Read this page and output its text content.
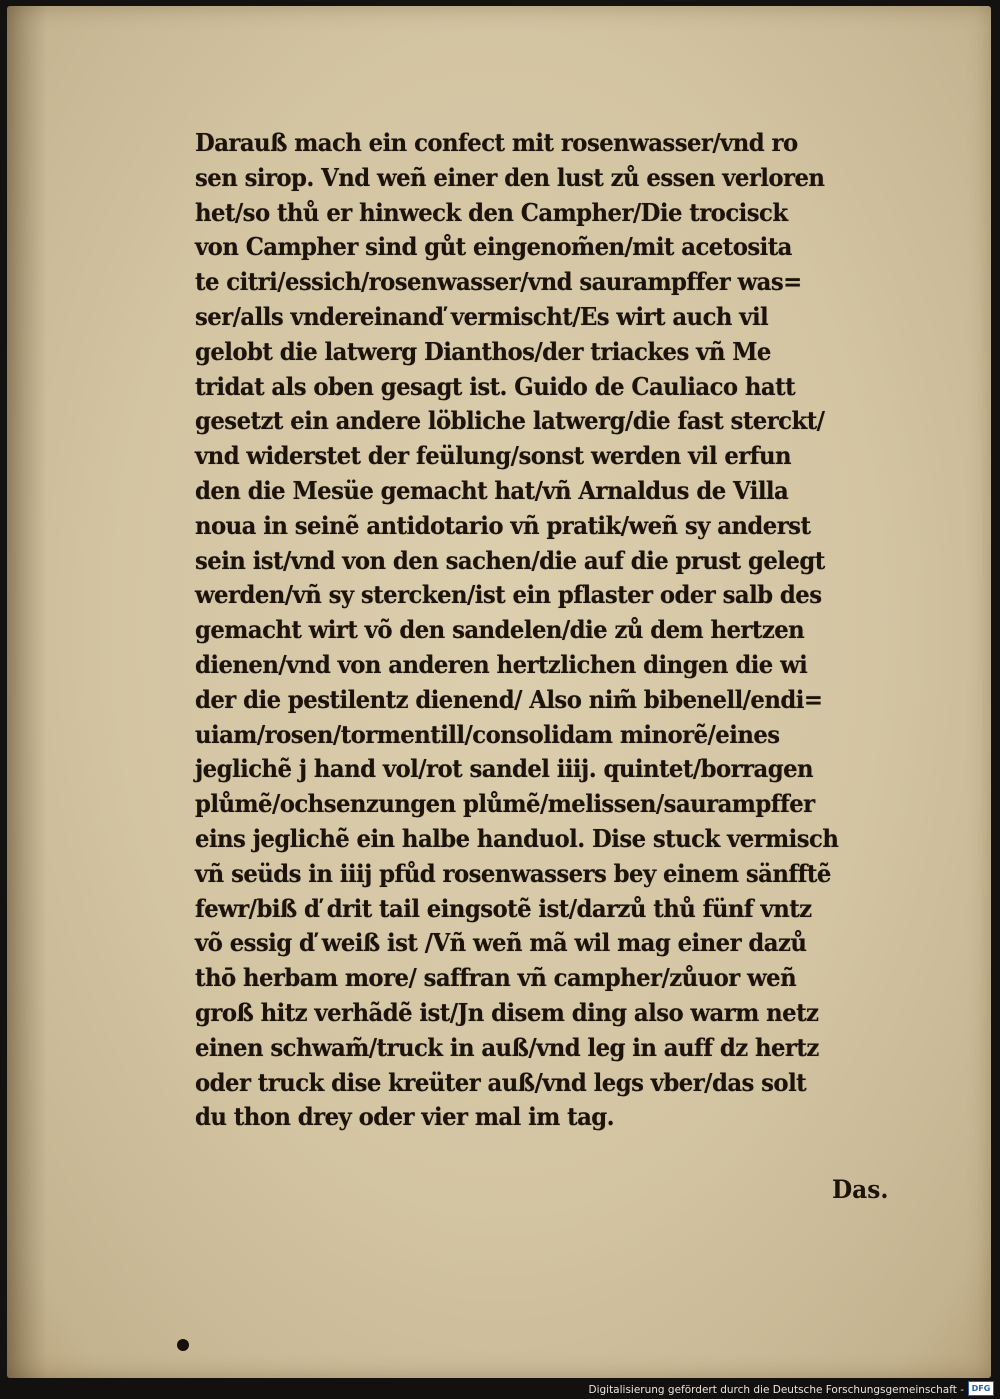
Darauß mach ein confect mit rosenwasser/vnd ro
sen sirop. Vnd weñ einer den lust zů essen verloren
het/so thů er hinweck den Campher/Die trocisck
von Campher sind gůt eingenom̃en/mit acetosita
te citri/essich/rosenwasser/vnd saurampffer was=
ser/alls vndereinanď vermischt/Es wirt auch vil
gelobt die latwerg Dianthos/der triackes vñ Me
tridat als oben gesagt ist. Guido de Cauliaco hatt
gesetzt ein andere löbliche latwerg/die fast sterckt/
vnd widerstet der feülung/sonst werden vil erfun
den die Mesüe gemacht hat/vñ Arnaldus de Villa
noua in seinẽ antidotario vñ pratik/weñ sy anderst
sein ist/vnd von den sachen/die auf die prust gelegt
werden/vñ sy stercken/ist ein pflaster oder salb des
gemacht wirt võ den sandelen/die zů dem hertzen
dienen/vnd von anderen hertzlichen dingen die wi
der die pestilentz dienend/ Also nim̃ bibenell/endi=
uiam/rosen/tormentill/consolidam minorẽ/eines
jeglichẽ j hand vol/rot sandel iiij. quintet/borragen
plůmẽ/ochsenzungen plůmẽ/melissen/saurampffer
eins jeglichẽ ein halbe handuol. Dise stuck vermisch
vñ seüds in iiij pfůd rosenwassers bey einem sänfftẽ
fewr/biß ď drit tail eingsotẽ ist/darzů thů fünf vntz
võ essig ď weiß ist /Vñ weñ mã wil mag einer dazů
thō herbam more/ saffran vñ campher/zůuor weñ
groß hitz verhãdẽ ist/Jn disem ding also warm netz
einen schwam̃/truck in auß/vnd leg in auff dz hertz
oder truck dise kreüter auß/vnd legs vber/das solt
du thon drey oder vier mal im tag.
Das.
Digitalisierung gefördert durch die Deutsche Forschungsgemeinschaft - DFG
